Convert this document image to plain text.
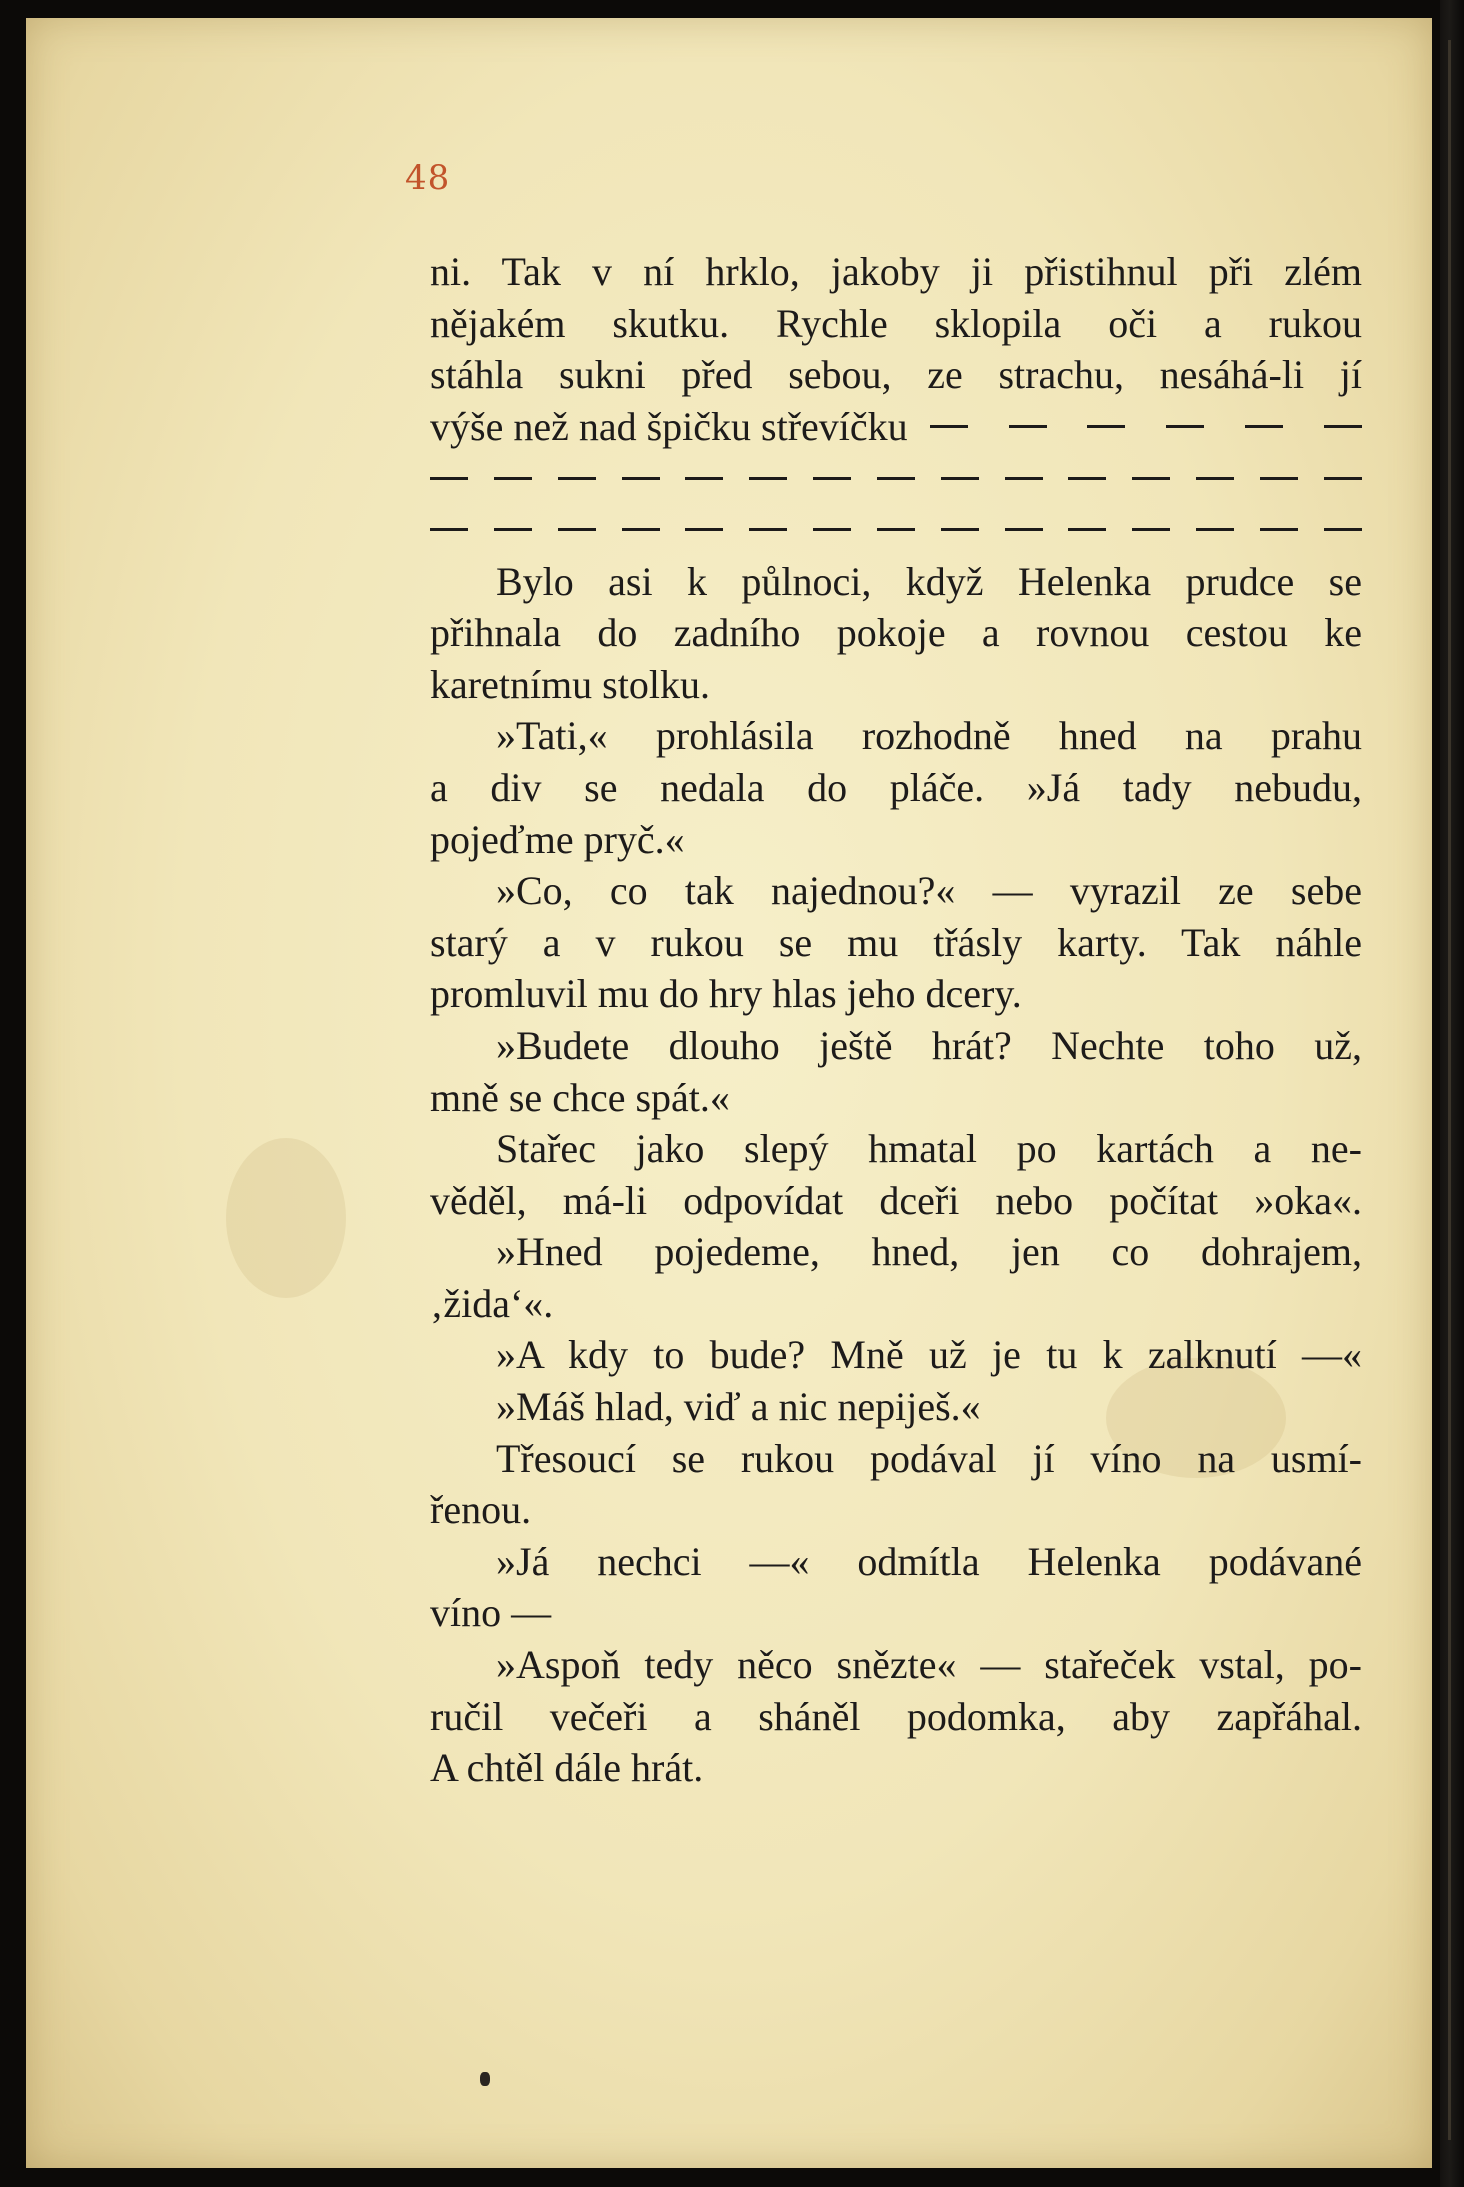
48

ni. Tak v ní hrklo, jakoby ji přistihnul při zlém

nějakém skutku. Rychle sklopila oči a rukou

stáhla sukni před sebou, ze strachu, nesáhá-li jí

výše než nad špičku střevíčku

Bylo asi k půlnoci, když Helenka prudce se

přihnala do zadního pokoje a rovnou cestou ke

karetnímu stolku.

»Tati,« prohlásila rozhodně hned na prahu

a div se nedala do pláče. »Já tady nebudu,

pojeďme pryč.«

»Co, co tak najednou?« — vyrazil ze sebe

starý a v rukou se mu třásly karty. Tak náhle

promluvil mu do hry hlas jeho dcery.

»Budete dlouho ještě hrát? Nechte toho už,

mně se chce spát.«

Stařec jako slepý hmatal po kartách a ne-

věděl, má-li odpovídat dceři nebo počítat »oka«.

»Hned pojedeme, hned, jen co dohrajem,

‚žida‘«.

»A kdy to bude? Mně už je tu k zalknutí —«

»Máš hlad, viď a nic nepiješ.«

Třesoucí se rukou podával jí víno na usmí-

řenou.

»Já nechci —« odmítla Helenka podávané

víno —

»Aspoň tedy něco snězte« — stařeček vstal, po-

ručil večeři a sháněl podomka, aby zapřáhal.

A chtěl dále hrát.
